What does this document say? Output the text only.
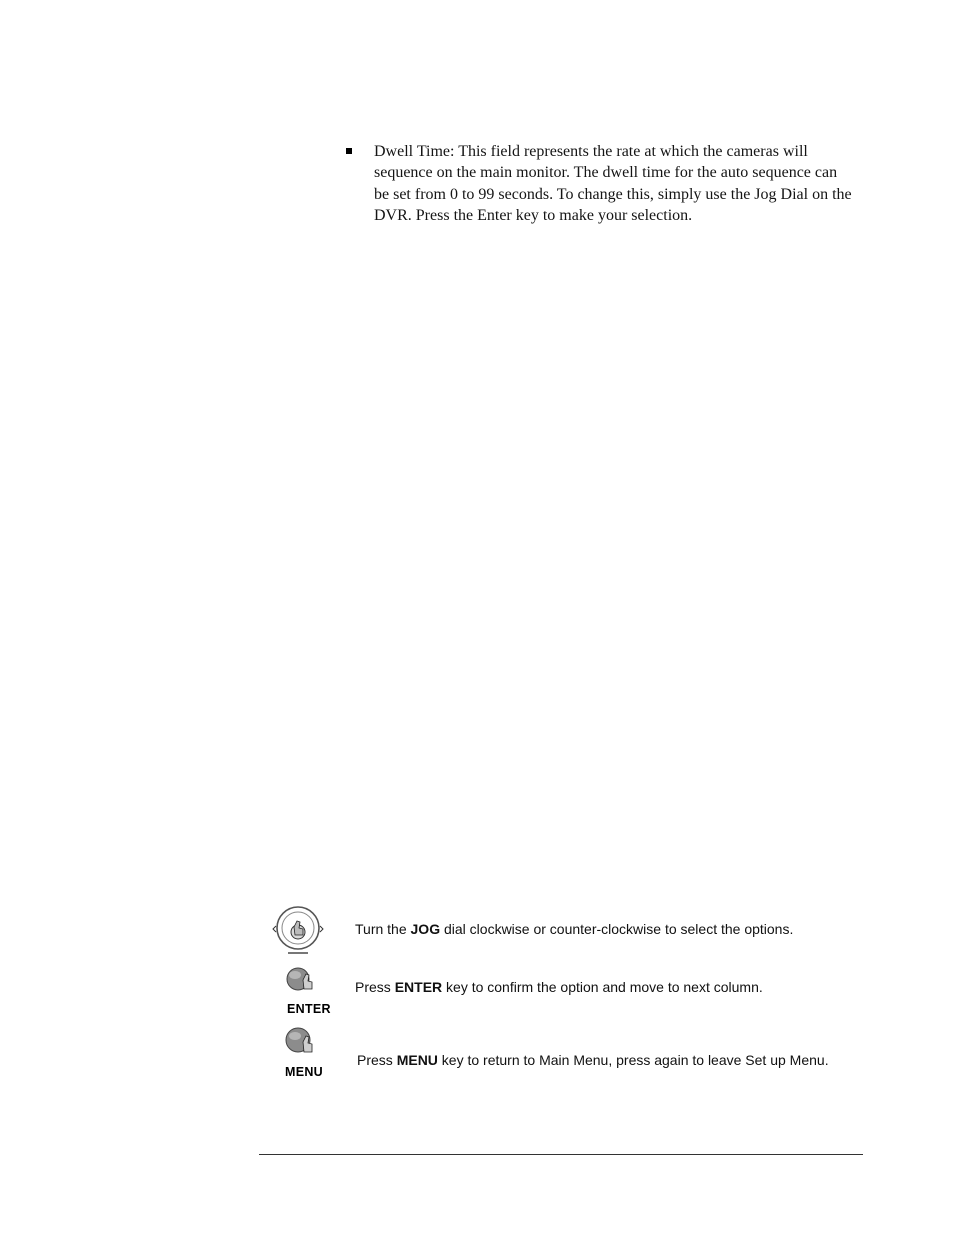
Dwell Time: This field represents the rate at which the cameras will sequence on the main monitor. The dwell time for the auto sequence can be set from 0 to 99 seconds. To change this, simply use the Jog Dial on the DVR. Press the Enter key to make your selection.
Turn the JOG dial clockwise or counter-clockwise to select the options.
ENTER
Press ENTER key to confirm the option and move to next column.
MENU
Press MENU key to return to Main Menu, press again to leave Set up Menu.
